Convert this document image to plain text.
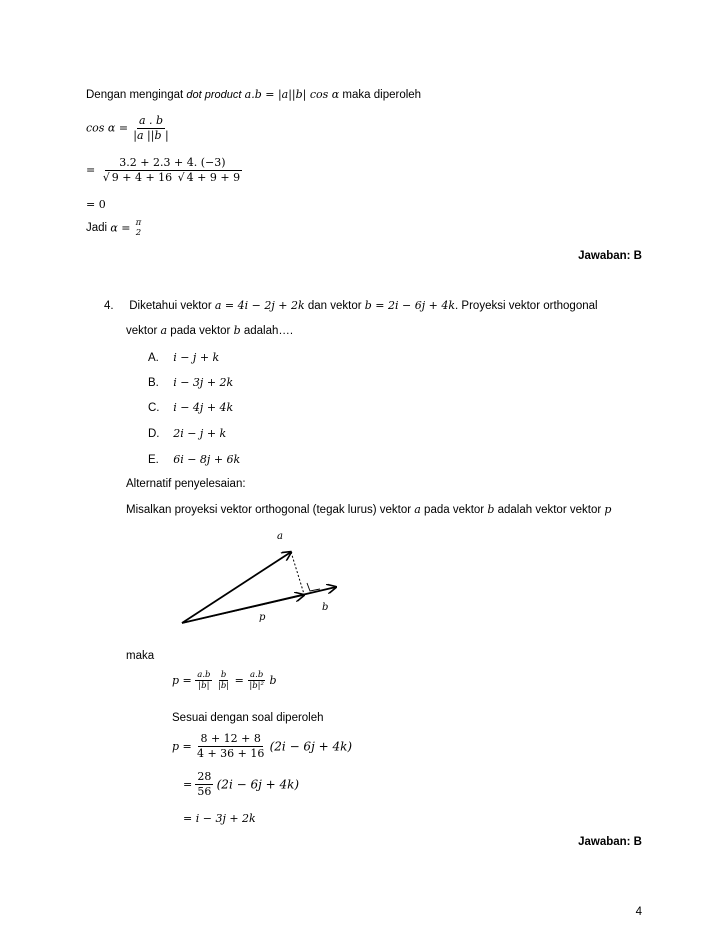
Dengan mengingat dot product a.b = |a||b| cos α maka diperoleh
$\cos \alpha = \frac{a . b}{|a ||b |}$
= $\frac{3.2 + 2.3 + 4. (-3)}{√ 9 + 4 + 16 √ 4 + 9 + 9}$
= 0
Jadi α = π
2
Jawaban: B
4. Diketahui vektor a = 4i − 2j + 2k dan vektor b = 2i − 6j + 4k. Proyeksi vektor orthogonal
vektor a pada vektor b adalah….
A. i − j + k
B. i − 3j + 2k
C. i − 4j + 4k
D. 2i − j + k
E. 6i − 8j + 6k
Alternatif penyelesaian:
Misalkan proyeksi vektor orthogonal (tegak lurus) vektor a pada vektor b adalah vektor vektor p
a
b
p
maka
$p = \frac{a.b}{|b|}$
$\frac{b}{|b|} = \frac{a.b}{\text{|b|²}}$ b
Sesuai dengan soal diperoleh
$p = \frac{8 + 12 + 8}{4 + 36 + 16} (2i - 6j + 4k)$
= $\frac{28}{56} (2i - 6j + 4k)$
= i − 3j + 2k
Jawaban: B
4
